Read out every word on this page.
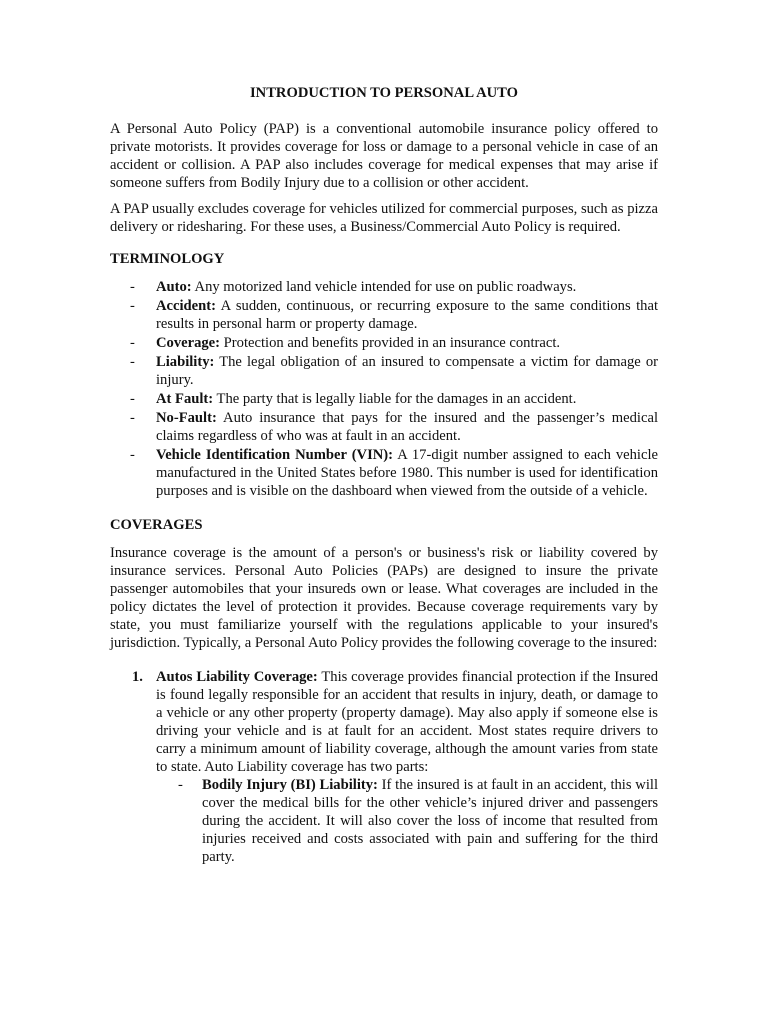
INTRODUCTION TO PERSONAL AUTO

A Personal Auto Policy (PAP) is a conventional automobile insurance policy offered to private motorists. It provides coverage for loss or damage to a personal vehicle in case of an accident or collision. A PAP also includes coverage for medical expenses that may arise if someone suffers from Bodily Injury due to a collision or other accident.

A PAP usually excludes coverage for vehicles utilized for commercial purposes, such as pizza delivery or ridesharing. For these uses, a Business/Commercial Auto Policy is required.

TERMINOLOGY
- Auto: Any motorized land vehicle intended for use on public roadways.
- Accident: A sudden, continuous, or recurring exposure to the same conditions that results in personal harm or property damage.
- Coverage: Protection and benefits provided in an insurance contract.
- Liability: The legal obligation of an insured to compensate a victim for damage or injury.
- At Fault: The party that is legally liable for the damages in an accident.
- No-Fault: Auto insurance that pays for the insured and the passenger’s medical claims regardless of who was at fault in an accident.
- Vehicle Identification Number (VIN): A 17-digit number assigned to each vehicle manufactured in the United States before 1980. This number is used for identification purposes and is visible on the dashboard when viewed from the outside of a vehicle.
COVERAGES

Insurance coverage is the amount of a person's or business's risk or liability covered by insurance services. Personal Auto Policies (PAPs) are designed to insure the private passenger automobiles that your insureds own or lease. What coverages are included in the policy dictates the level of protection it provides. Because coverage requirements vary by state, you must familiarize yourself with the regulations applicable to your insured's jurisdiction. Typically, a Personal Auto Policy provides the following coverage to the insured:

1. Autos Liability Coverage: This coverage provides financial protection if the Insured is found legally responsible for an accident that results in injury, death, or damage to a vehicle or any other property (property damage). May also apply if someone else is driving your vehicle and is at fault for an accident. Most states require drivers to carry a minimum amount of liability coverage, although the amount varies from state to state. Auto Liability coverage has two parts:
- Bodily Injury (BI) Liability: If the insured is at fault in an accident, this will cover the medical bills for the other vehicle’s injured driver and passengers during the accident. It will also cover the loss of income that resulted from injuries received and costs associated with pain and suffering for the third party.
